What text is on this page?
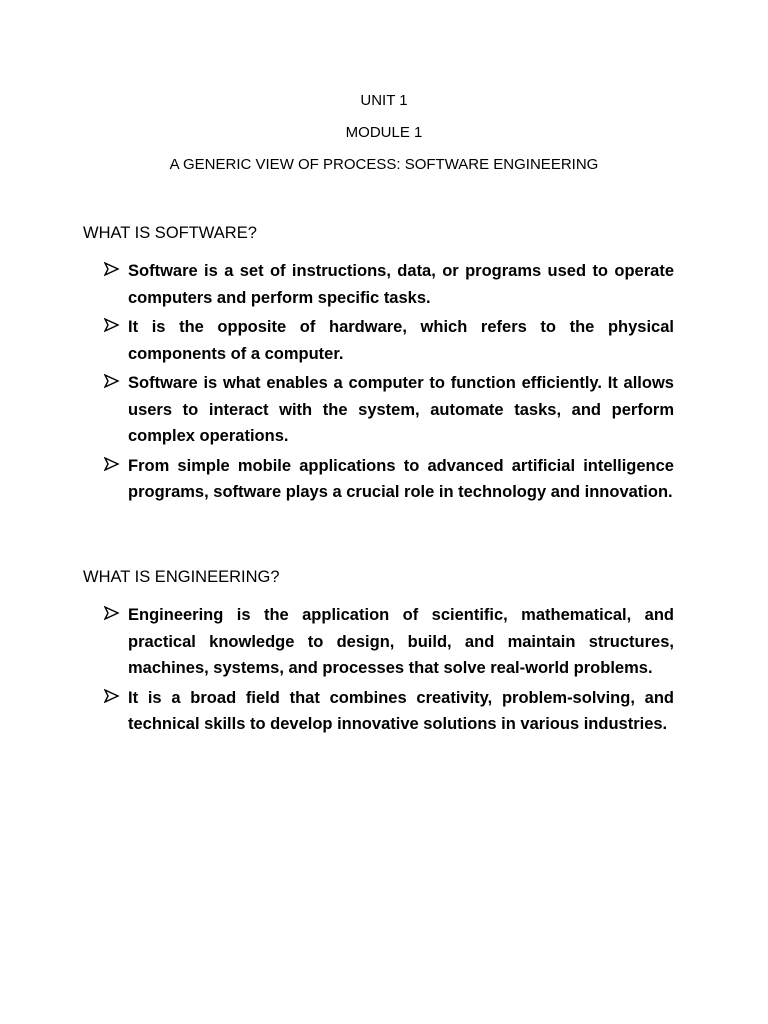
UNIT 1
MODULE 1
A GENERIC VIEW OF PROCESS: SOFTWARE ENGINEERING
WHAT IS SOFTWARE?
Software is a set of instructions, data, or programs used to operate computers and perform specific tasks.
It is the opposite of hardware, which refers to the physical components of a computer.
Software is what enables a computer to function efficiently. It allows users to interact with the system, automate tasks, and perform complex operations.
From simple mobile applications to advanced artificial intelligence programs, software plays a crucial role in technology and innovation.
WHAT IS ENGINEERING?
Engineering is the application of scientific, mathematical, and practical knowledge to design, build, and maintain structures, machines, systems, and processes that solve real-world problems.
It is a broad field that combines creativity, problem-solving, and technical skills to develop innovative solutions in various industries.
